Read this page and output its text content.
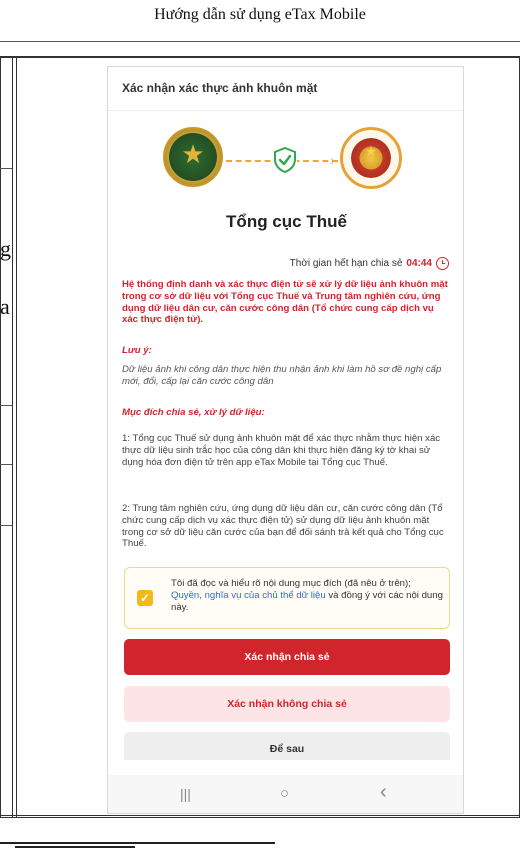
Hướng dẫn sử dụng eTax Mobile
g
a
Xác nhận xác thực ảnh khuôn mặt
★	›
★
Tổng cục Thuế
Thời gian hết hạn chia sẻ 04:44
Hệ thống định danh và xác thực điện tử sẽ xử lý dữ liệu ảnh khuôn mặt trong cơ sở dữ liệu với Tổng cục Thuế và Trung tâm nghiên cứu, ứng dụng dữ liệu dân cư, căn cước công dân (Tổ chức cung cấp dịch vụ xác thực điện tử).
Lưu ý:
Dữ liệu ảnh khi công dân thực hiện thu nhận ảnh khi làm hồ sơ đề nghị cấp mới, đổi, cấp lại căn cước công dân
Mục đích chia sẻ, xử lý dữ liệu:
1: Tổng cục Thuế sử dụng ảnh khuôn mặt để xác thực nhằm thực hiện xác thực dữ liệu sinh trắc học của công dân khi thực hiện đăng ký tờ khai sử dụng hóa đơn điện tử trên app eTax Mobile tại Tổng cục Thuế.
2: Trung tâm nghiên cứu, ứng dụng dữ liệu dân cư, căn cước công dân (Tổ chức cung cấp dịch vụ xác thực điện tử) sử dụng dữ liệu ảnh khuôn mặt trong cơ sở dữ liệu căn cước của bạn để đối sánh trả kết quả cho Tổng cục Thuế.
✓
Tôi đã đọc và hiểu rõ nội dung mục đích (đã nêu ở trên); Quyền, nghĩa vụ của chủ thể dữ liệu và đồng ý với các nội dung này.
Xác nhận chia sẻ
Xác nhận không chia sẻ
Để sau
|||	○	‹
